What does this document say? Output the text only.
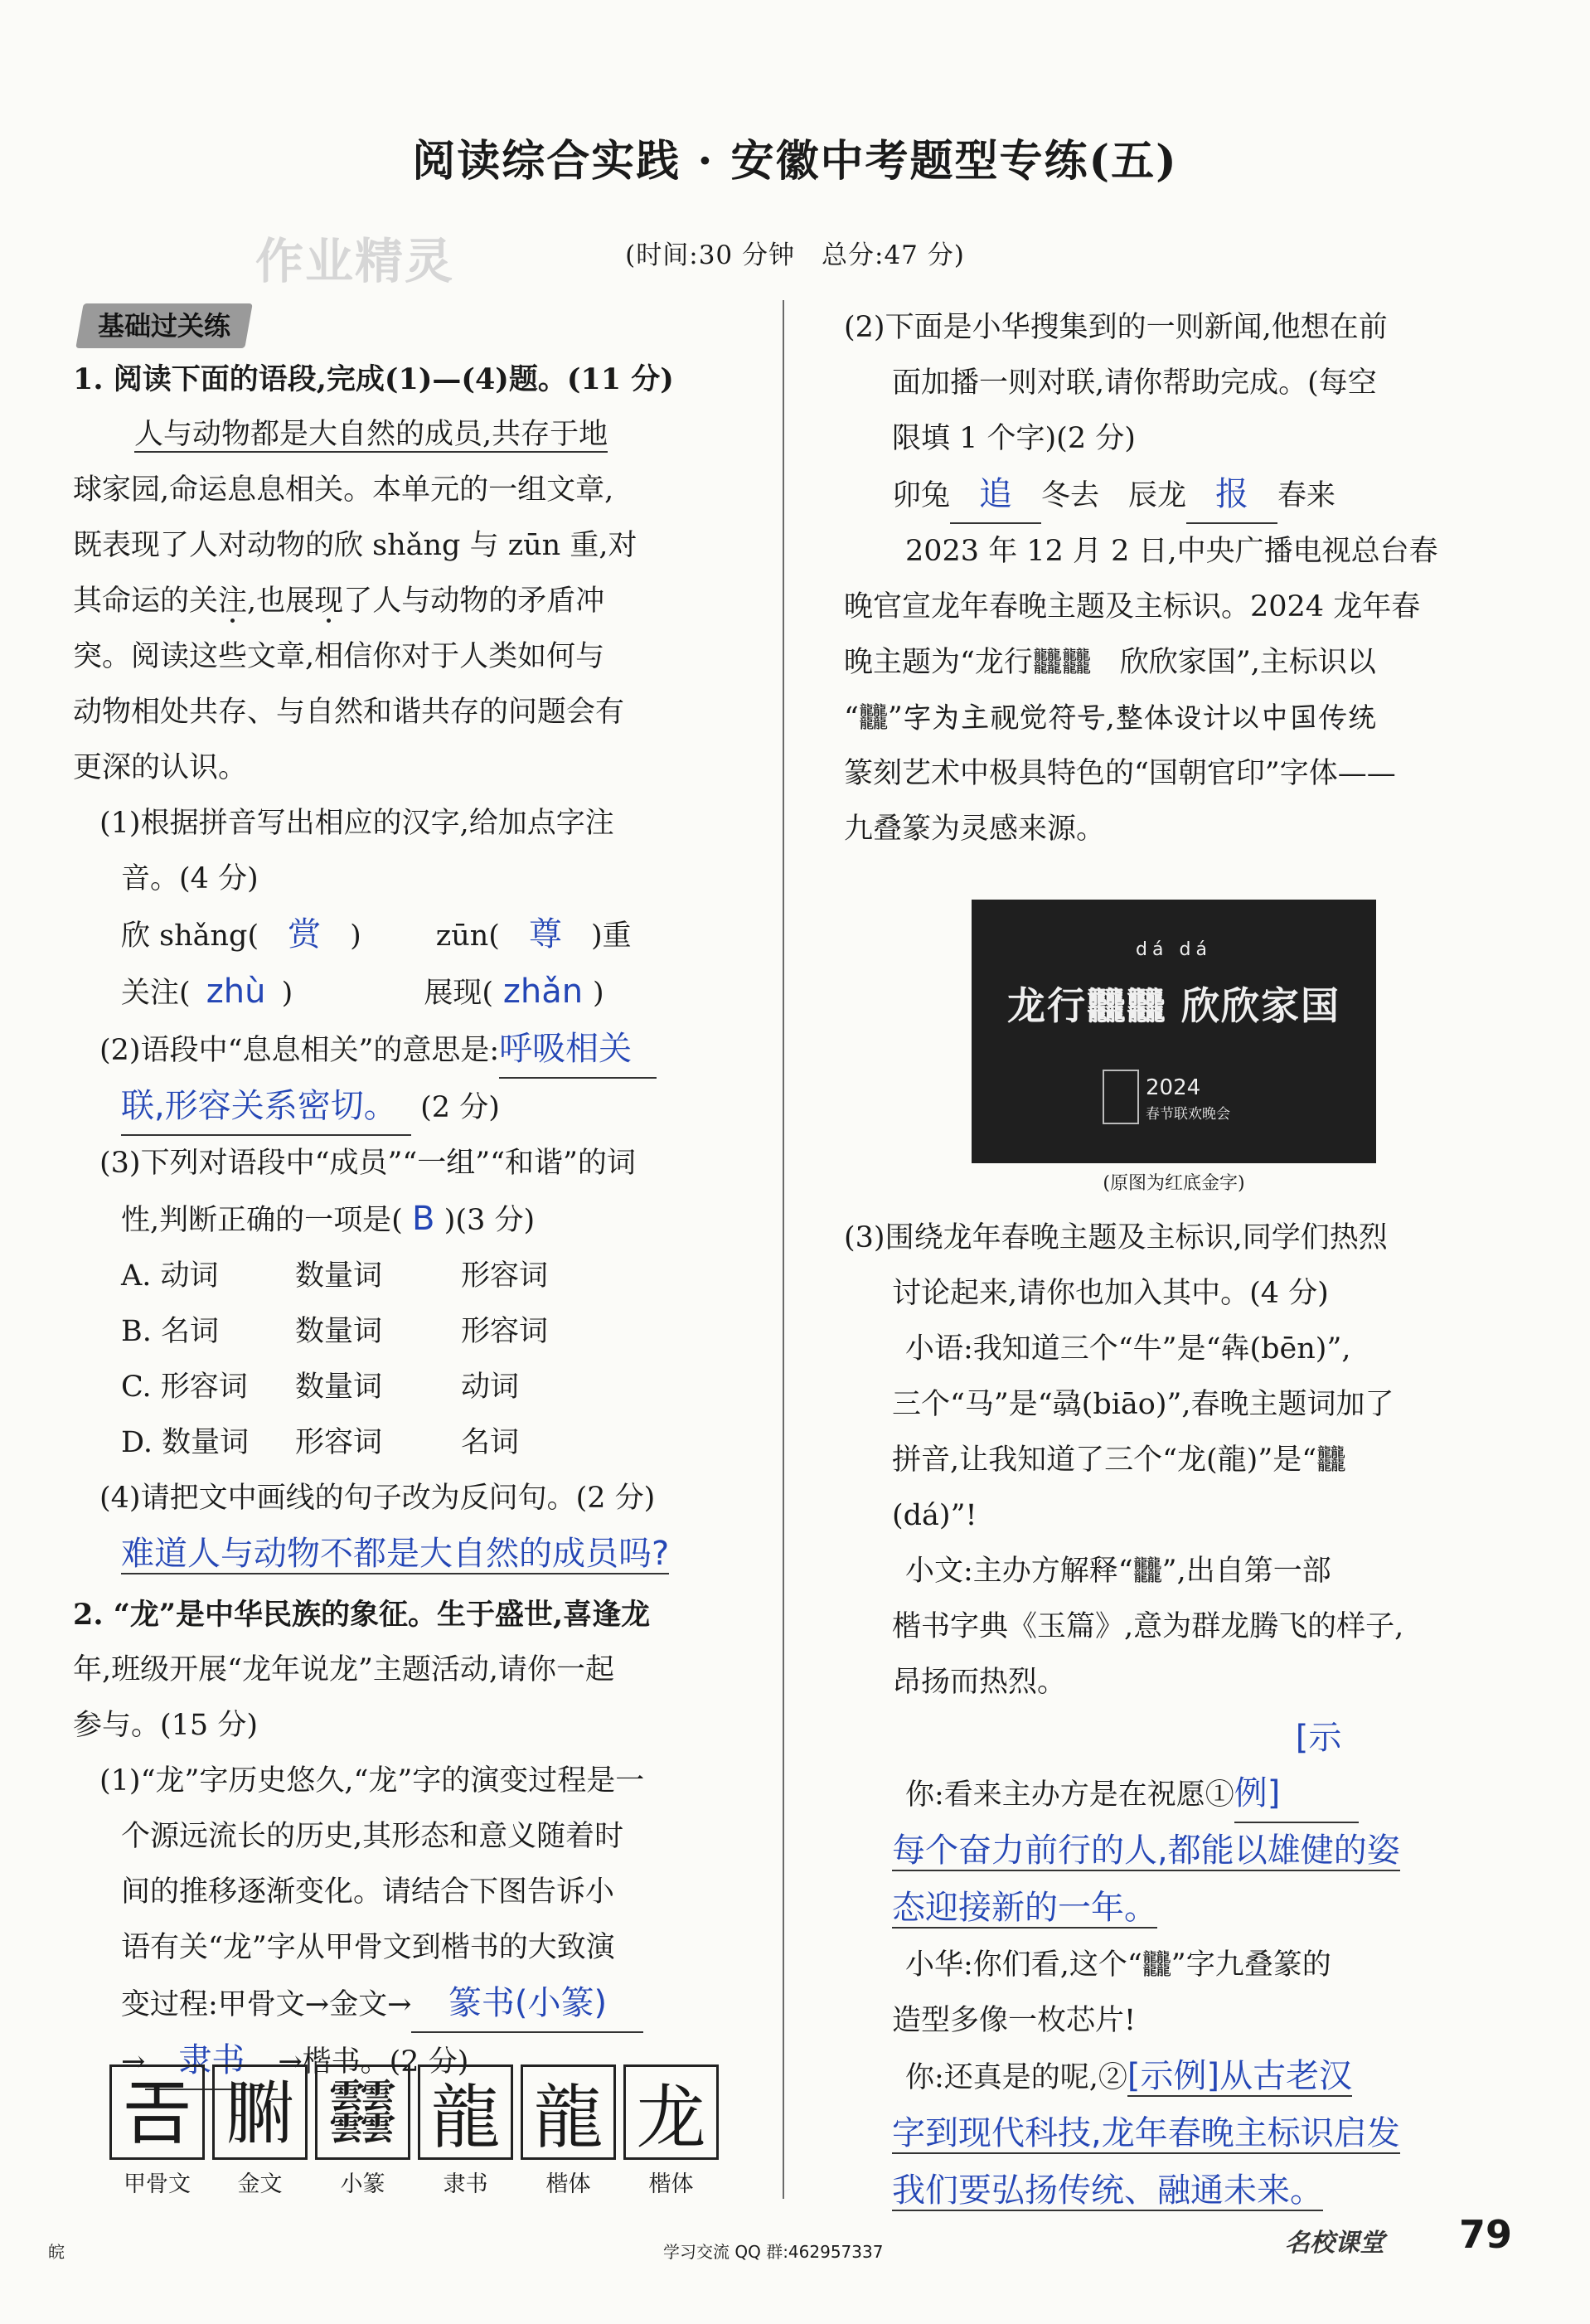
阅读综合实践 · 安徽中考题型专练(五)
作业精灵	(时间:30 分钟　总分:47 分)

基础过关练

1. 阅读下面的语段,完成(1)—(4)题。(11 分)

人与动物都是大自然的成员,共存于地

球家园,命运息息相关。本单元的一组文章,

既表现了人对动物的欣 shǎng 与 zūn 重,对

其命运的关注,也展现了人与动物的矛盾冲

突。阅读这些文章,相信你对于人类如何与

动物相处共存、与自然和谐共存的问题会有

更深的认识。

(1)根据拼音写出相应的汉字,给加点字注

音。(4 分)

欣 shǎng( 赏 )	zūn( 尊 )重

关注( zhù )	展现( zhǎn )

(2)语段中“息息相关”的意思是:呼吸相关

联,形容关系密切。 (2 分)

(3)下列对语段中“成员”“一组”“和谐”的词

性,判断正确的一项是( B )(3 分)

A. 动词	数量词	形容词

B. 名词	数量词	形容词

C. 形容词 数量词	动词

D. 数量词 形容词	名词

(4)请把文中画线的句子改为反问句。(2 分)

难道人与动物不都是大自然的成员吗?

2. “龙”是中华民族的象征。生于盛世,喜逢龙

年,班级开展“龙年说龙”主题活动,请你一起

参与。(15 分)

(1)“龙”字历史悠久,“龙”字的演变过程是一

个源远流长的历史,其形态和意义随着时

间的推移逐渐变化。请结合下图告诉小

语有关“龙”字从甲骨文到楷书的大致演

变过程:甲骨文→金文→ 篆书(小篆)

→ 隶书 →楷书。(2 分)

𢀛 𦝗 𩇔 龍 龍 龙
甲骨文	金文	小篆	隶书	楷体	楷体

(2)下面是小华搜集到的一则新闻,他想在前

面加播一则对联,请你帮助完成。(每空

限填 1 个字)(2 分)

卯兔 追 冬去　辰龙 报 春来

2023 年 12 月 2 日,中央广播电视总台春

晚官宣龙年春晚主题及主标识。2024 龙年春

晚主题为“龙行𪚥𪚥　欣欣家国”,主标识以

“𪚥”字为主视觉符号,整体设计以中国传统

篆刻艺术中极具特色的“国朝官印”字体——

九叠篆为灵感来源。

dá dá
龙行𪚥𪚥 欣欣家国
2024
春节联欢晚会
(原图为红底金字)

(3)围绕龙年春晚主题及主标识,同学们热烈

讨论起来,请你也加入其中。(4 分)

小语:我知道三个“牛”是“犇(bēn)”,

三个“马”是“骉(biāo)”,春晚主题词加了

拼音,让我知道了三个“龙(龍)”是“𪚥

(dá)”!

小文:主办方解释“𪚥”,出自第一部

楷书字典《玉篇》,意为群龙腾飞的样子,

昂扬而热烈。

你:看来主办方是在祝愿①[示例]

每个奋力前行的人,都能以雄健的姿

态迎接新的一年。

小华:你们看,这个“𪚥”字九叠篆的

造型多像一枚芯片!

你:还真是的呢,②[示例]从古老汉

字到现代科技,龙年春晚主标识启发

我们要弘扬传统、融通未来。

皖	学习交流 QQ 群:462957337	名校课堂 79
